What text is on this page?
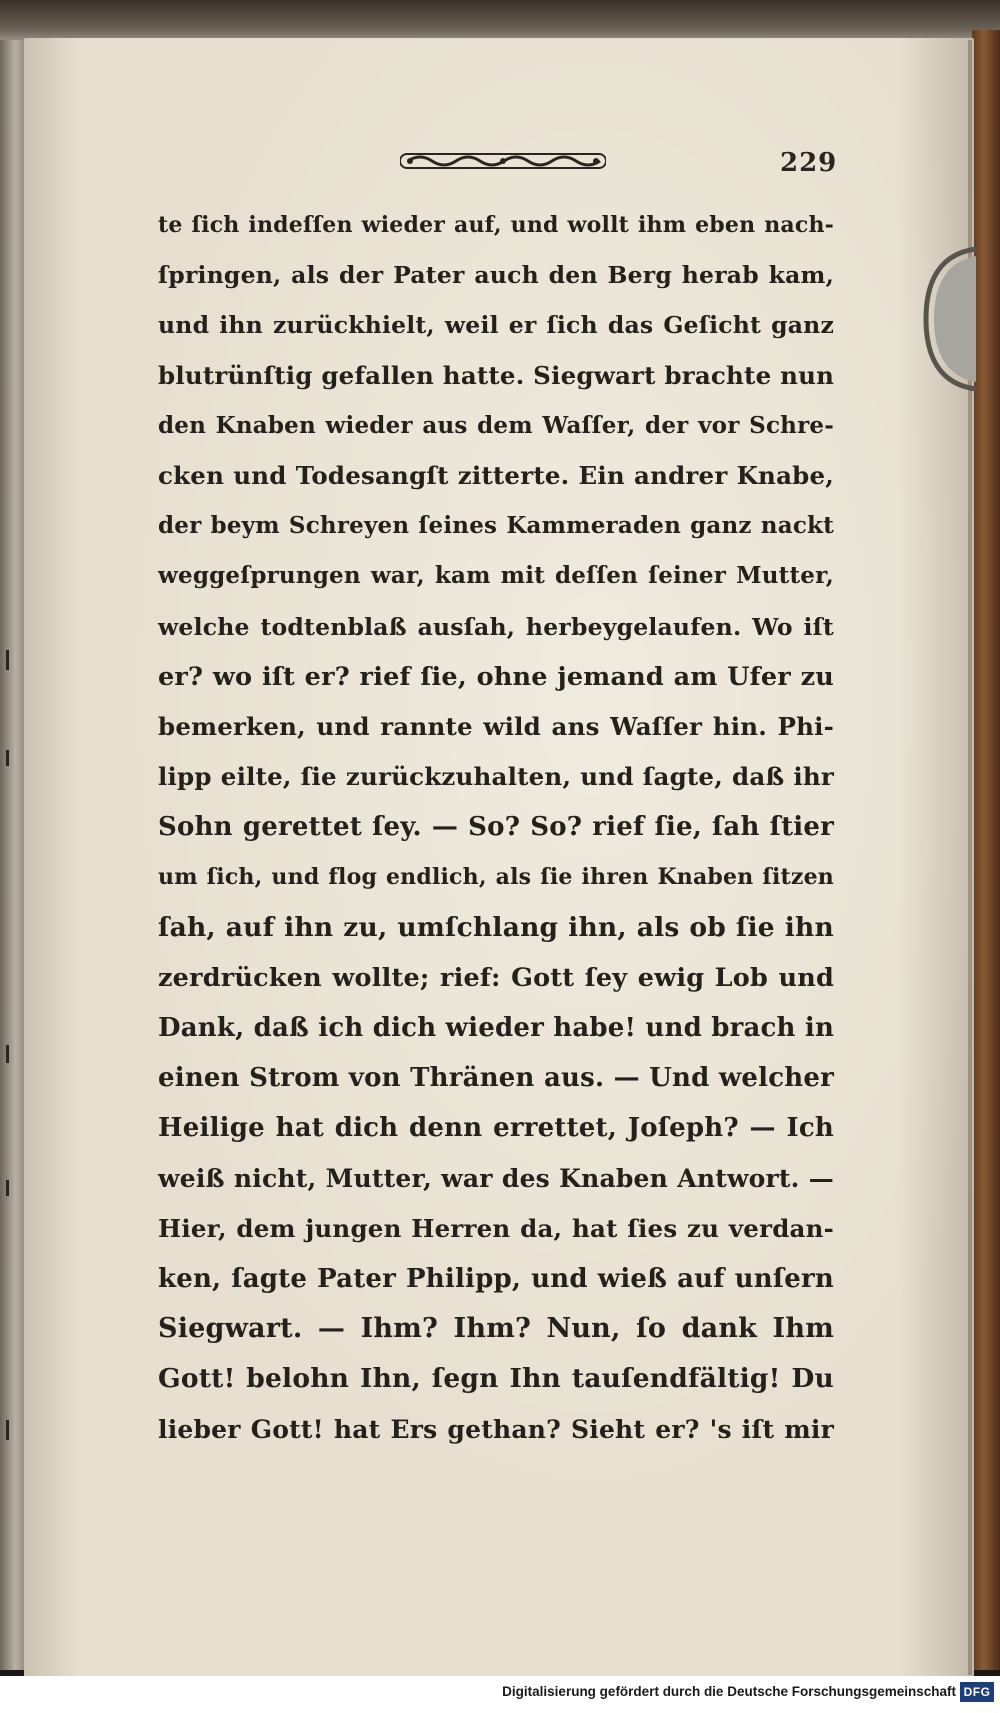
229
te ſich indeſſen wieder auf, und wollt ihm eben nach-
ſpringen, als der Pater auch den Berg herab kam,
und ihn zurückhielt, weil er ſich das Geſicht ganz
blutrünſtig gefallen hatte. Siegwart brachte nun
den Knaben wieder aus dem Waſſer, der vor Schre-
cken und Todesangſt zitterte. Ein andrer Knabe,
der beym Schreyen ſeines Kammeraden ganz nackt
weggeſprungen war, kam mit deſſen ſeiner Mutter,
welche todtenblaß ausſah, herbeygelaufen. Wo iſt
er? wo iſt er? rief ſie, ohne jemand am Ufer zu
bemerken, und rannte wild ans Waſſer hin. Phi-
lipp eilte, ſie zurückzuhalten, und ſagte, daß ihr
Sohn gerettet ſey. — So? So? rief ſie, ſah ſtier
um ſich, und flog endlich, als ſie ihren Knaben ſitzen
ſah, auf ihn zu, umſchlang ihn, als ob ſie ihn
zerdrücken wollte; rief: Gott ſey ewig Lob und
Dank, daß ich dich wieder habe! und brach in
einen Strom von Thränen aus. — Und welcher
Heilige hat dich denn errettet, Joſeph? — Ich
weiß nicht, Mutter, war des Knaben Antwort. —
Hier, dem jungen Herren da, hat ſies zu verdan-
ken, ſagte Pater Philipp, und wieß auf unſern
Siegwart. — Ihm? Ihm? Nun, ſo dank Ihm
Gott! belohn Ihn, ſegn Ihn tauſendfältig! Du
lieber Gott! hat Ers gethan? Sieht er? 's iſt mir
Digitalisierung gefördert durch die Deutsche Forschungsgemeinschaft DFG
